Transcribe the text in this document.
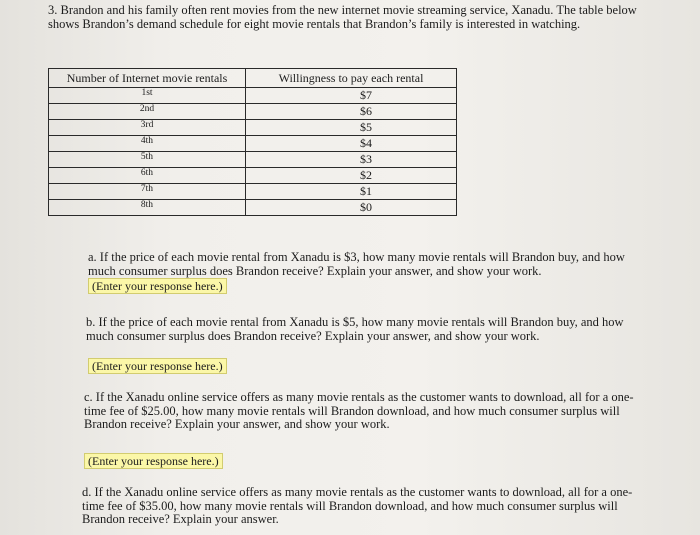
3. Brandon and his family often rent movies from the new internet movie streaming service, Xanadu. The table below shows Brandon’s demand schedule for eight movie rentals that Brandon’s family is interested in watching.
Number of Internet movie rentals	Willingness to pay each rental
1st	$7
2nd	$6
3rd	$5
4th	$4
5th	$3
6th	$2
7th	$1
8th	$0
a. If the price of each movie rental from Xanadu is $3, how many movie rentals will Brandon buy, and how much consumer surplus does Brandon receive? Explain your answer, and show your work.
(Enter your response here.)
b. If the price of each movie rental from Xanadu is $5, how many movie rentals will Brandon buy, and how much consumer surplus does Brandon receive? Explain your answer, and show your work.
(Enter your response here.)
c. If the Xanadu online service offers as many movie rentals as the customer wants to download, all for a one-time fee of $25.00, how many movie rentals will Brandon download, and how much consumer surplus will Brandon receive? Explain your answer, and show your work.
(Enter your response here.)
d. If the Xanadu online service offers as many movie rentals as the customer wants to download, all for a one-time fee of $35.00, how many movie rentals will Brandon download, and how much consumer surplus will Brandon receive? Explain your answer.
